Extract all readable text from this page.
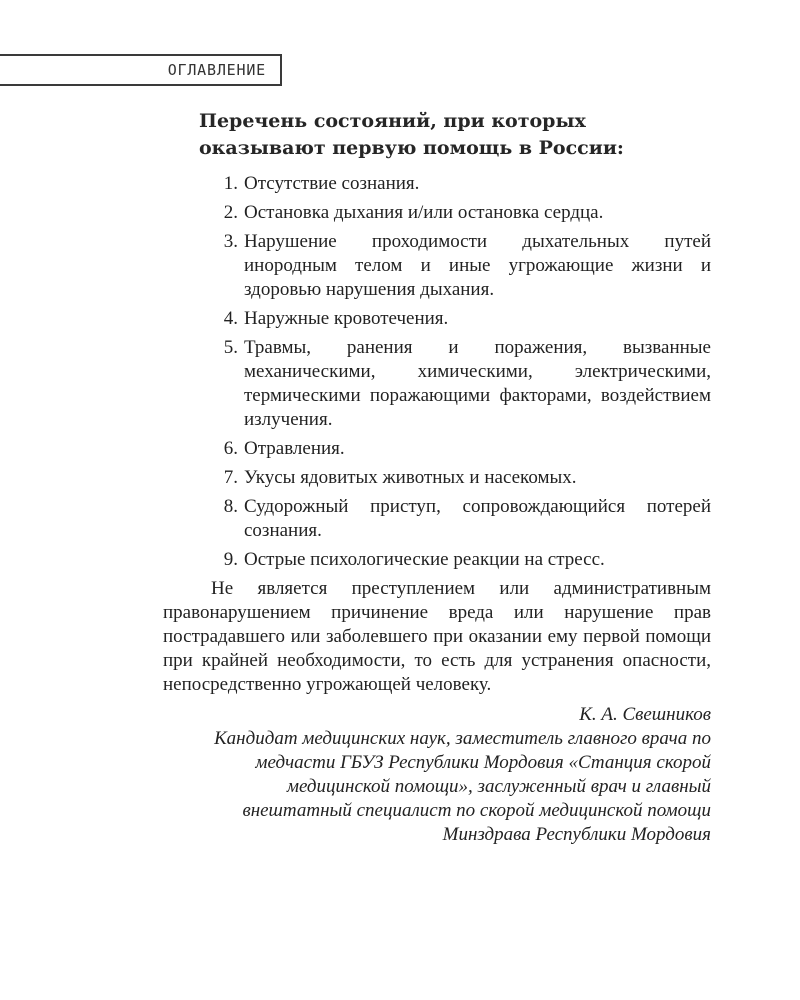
ОГЛАВЛЕНИЕ
Перечень состояний, при которых
оказывают первую помощь в России:
1. Отсутствие сознания.
2. Остановка дыхания и/или остановка сердца.
3. Нарушение проходимости дыхательных путей инородным телом и иные угрожающие жизни и здоровью нарушения дыхания.
4. Наружные кровотечения.
5. Травмы, ранения и поражения, вызванные механическими, химическими, электрическими, термическими поражающими факторами, воздействием излучения.
6. Отравления.
7. Укусы ядовитых животных и насекомых.
8. Судорожный приступ, сопровождающийся потерей сознания.
9. Острые психологические реакции на стресс.

Не является преступлением или административным правонарушением причинение вреда или нарушение прав пострадавшего или заболевшего при оказании ему первой помощи при крайней необходимости, то есть для устранения опасности, непосредственно угрожающей человеку.

К. А. Свешников
Кандидат медицинских наук, заместитель главного врача по медчасти ГБУЗ Республики Мордовия «Станция скорой медицинской помощи», заслуженный врач и главный внештатный специалист по скорой медицинской помощи Минздрава Республики Мордовия
